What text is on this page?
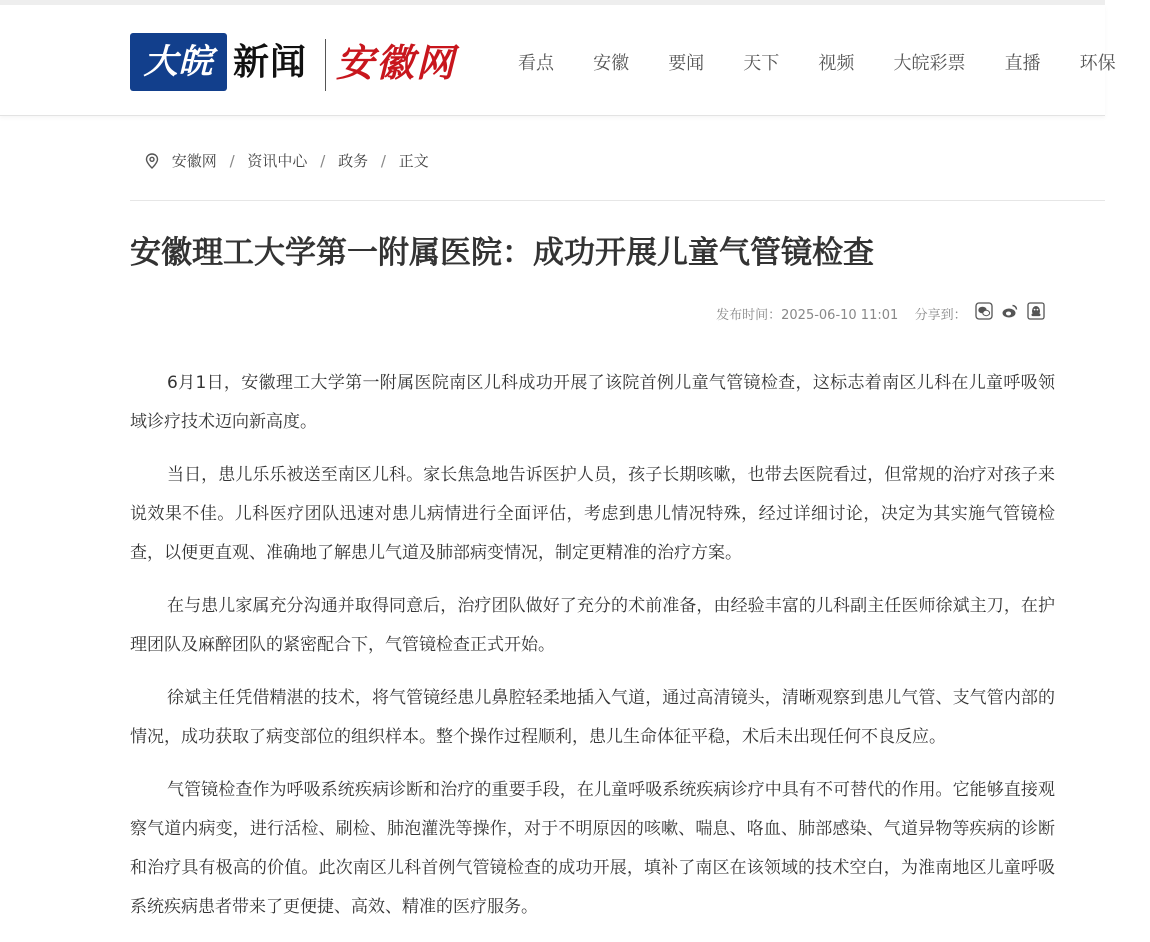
大皖 新闻 安徽网	看点 安徽 要闻 天下 视频 大皖彩票 直播 环保
安徽网 / 资讯中心 / 政务 / 正文
安徽理工大学第一附属医院：成功开展儿童气管镜检查
发布时间：2025-06-10 11:01 分享到：

6月1日，安徽理工大学第一附属医院南区儿科成功开展了该院首例儿童气管镜检查，这标志着南区儿科在儿童呼吸领域诊疗技术迈向新高度。

当日，患儿乐乐被送至南区儿科。家长焦急地告诉医护人员，孩子长期咳嗽，也带去医院看过，但常规的治疗对孩子来说效果不佳。儿科医疗团队迅速对患儿病情进行全面评估，考虑到患儿情况特殊，经过详细讨论，决定为其实施气管镜检查，以便更直观、准确地了解患儿气道及肺部病变情况，制定更精准的治疗方案。

在与患儿家属充分沟通并取得同意后，治疗团队做好了充分的术前准备，由经验丰富的儿科副主任医师徐斌主刀，在护理团队及麻醉团队的紧密配合下，气管镜检查正式开始。

徐斌主任凭借精湛的技术，将气管镜经患儿鼻腔轻柔地插入气道，通过高清镜头，清晰观察到患儿气管、支气管内部的情况，成功获取了病变部位的组织样本。整个操作过程顺利，患儿生命体征平稳，术后未出现任何不良反应。

气管镜检查作为呼吸系统疾病诊断和治疗的重要手段，在儿童呼吸系统疾病诊疗中具有不可替代的作用。它能够直接观察气道内病变，进行活检、刷检、肺泡灌洗等操作，对于不明原因的咳嗽、喘息、咯血、肺部感染、气道异物等疾病的诊断和治疗具有极高的价值。此次南区儿科首例气管镜检查的成功开展，填补了南区在该领域的技术空白，为淮南地区儿童呼吸系统疾病患者带来了更便捷、高效、精准的医疗服务。
